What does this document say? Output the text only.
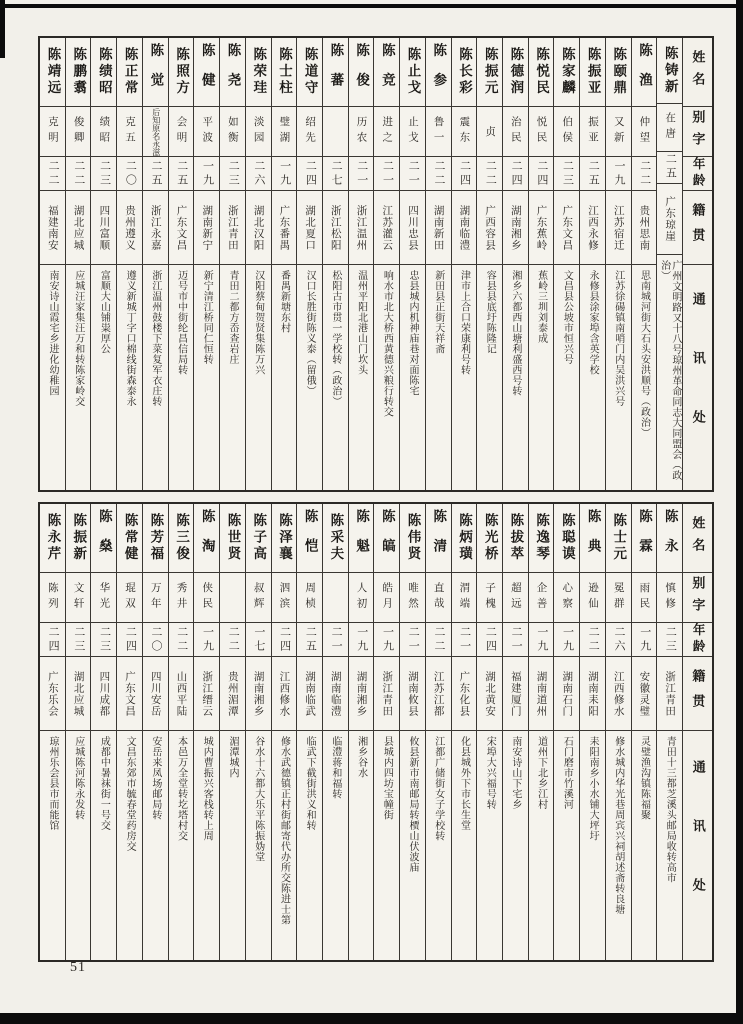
姓名
别字
年龄
籍贯
通讯处
陈铸新
在唐
二五
广东琼崖
广州文明路又十八号琼州革命同志大同盟会（政治）
陈渔
仲望
二二
贵州思南
思南城河街大石头安洪顺号（政治）
陈颐鼎
又新
一九
江苏宿迁
江苏徐碭镇南哨门内吴洪兴号
陈振亚
振亚
二五
江西永修
永修县涂家埠含英学校
陈家麟
伯侯
二三
广东文昌
文昌县公坡市恒兴号
陈悦民
悦民
二四
广东蕉岭
蕉岭三圳刘泰成
陈德润
治民
二四
湖南湘乡
湘乡六都西山塘利盛西号转
陈振元
贞
二二
广西容县
容县县底圩陈隆记
陈长彩
震东
二四
湖南临澧
津市上合口荣康利号转
陈参
鲁一
二二
湖南新田
新田县正街天祥斋
陈止戈
止戈
二一
四川忠县
忠县城内机神庙巷对面陈宅
陈竞
进之
二一
江苏灌云
响水市北大桥西黄德兴粮行转交
陈俊
历农
二一
浙江温州
温州平阳北港山门坎头
陈蕃
二七
浙江松阳
松阳古市贯一学校转（政治）
陈道守
绍先
二四
湖北夏口
汉口长胜街陈义泰（留俄）
陈士柱
璧湖
一九
广东番禺
番禺新塘东村
陈荣珪
淡园
二六
湖北汉阳
汉阳蔡甸贺贤集陈万兴
陈尧
如衡
二三
浙江青田
青田二都方岙查岩庄
陈健
平波
一九
湖南新宁
新宁清江桥同仁恒转
陈照方
会明
二五
广东文昌
迈号市中街纶昌信局转
陈觉
后知原名永滋
二五
浙江永嘉
浙江温州鼓楼下菜复军衣庄转
陈正常
克五
二〇
贵州遵义
遵义新城丁字口棉线街森泰永
陈绩昭
绩昭
二三
四川富顺
富顺大山铺粜厚公
陈鹏翥
俊卿
二二
湖北应城
应城汪家集汪万和转陈家岭交
陈靖远
克明
二二
福建南安
南安诗山霞宅乡进化幼稚园
姓名
别字
年龄
籍贯
通讯处
陈永
慎修
二三
浙江青田
青田十三都芝溪头邮局收转高市
陈霖
雨民
一九
安徽灵璧
灵璧渔沟镇陈福聚
陈士元
冕群
二六
江西修水
修水城内华光巷周宾兴祠胡述斋转良塘
陈典
逊仙
二二
湖南耒阳
耒阳南乡小水铺大坪圩
陈聪谟
心察
一九
湖南石门
石门磨市竹溪河
陈逸琴
企善
一九
湖南道州
道州下北乡江村
陈拔萃
超远
二一
福建厦门
南安诗山下宅乡
陈光桥
子槐
二四
湖北黄安
宋埠大兴福号转
陈炳璜
渭端
二一
广东化县
化县城外下市长生堂
陈清
直哉
二二
江苏江都
江都广储街女子学校转
陈伟贤
唯然
二一
湖南攸县
攸县新市南邮局转槚山伏波庙
陈皜
皓月
一九
浙江青田
县城内四坊宝幢街
陈魁
人初
一九
湖南湘乡
湘乡谷水
陈采夫
二一
湖南临澧
临澧蒋和福转
陈恺
周桢
二五
湖南临武
临武下截街洪义和转
陈泽襄
泗滨
二四
江西修水
修水武德镇正村街邮寄代办所交陈进士第
陈子高
叔辉
一七
湖南湘乡
谷水十六都大乐平陈振妫堂
陈世贤
二二
贵州湄潭
湄潭城内
陈淘
侠民
一九
浙江缙云
城内曹振兴客栈转上周
陈三俊
秀井
二二
山西平陆
本邑万全堂转圪塔村交
陈芳福
万年
二〇
四川安岳
安岳来凤场邮局转
陈常健
琨双
二四
广东文昌
文昌东郊市毓春堂药房交
陈燊
华光
二三
四川成都
成都中暑袜街一号交
陈振新
文轩
二三
湖北应城
应城陈河陈永发转
陈永芹
陈列
二四
广东乐会
琼州乐会县市而能馆
51
